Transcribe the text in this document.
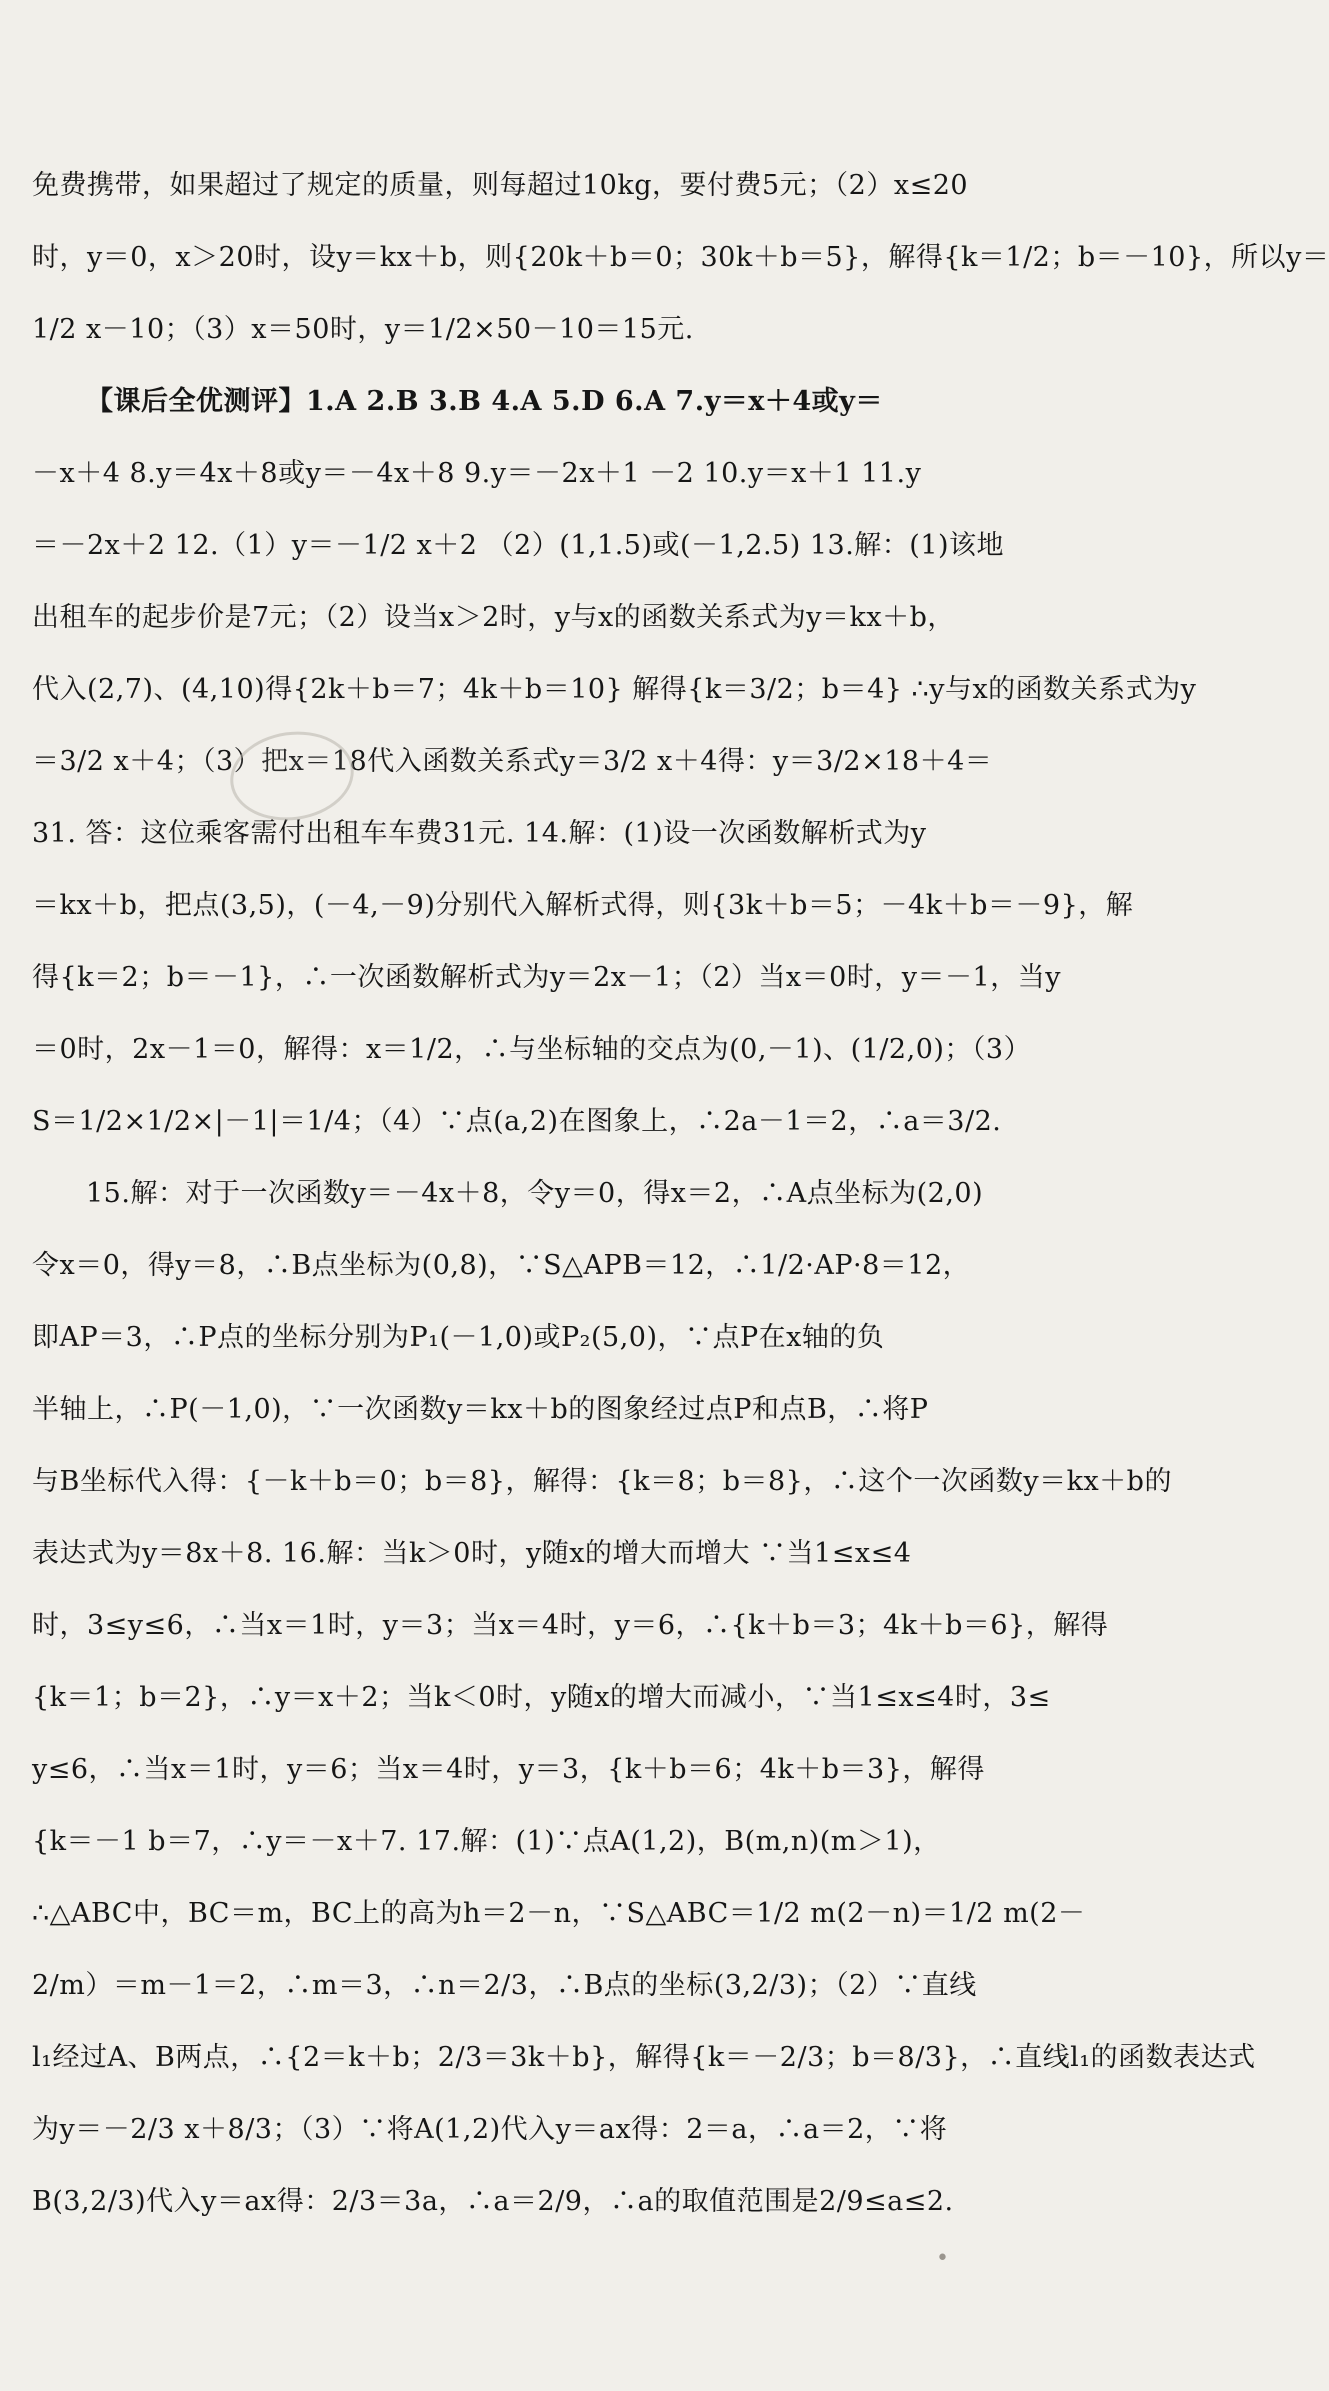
免费携带，如果超过了规定的质量，则每超过10kg，要付费5元；（2）x≤20
时，y＝0，x＞20时，设y＝kx＋b，则{20k＋b＝0；30k＋b＝5}，解得{k＝1/2；b＝－10}，所以y＝
1/2 x－10；（3）x＝50时，y＝1/2×50－10＝15元.
【课后全优测评】1.A 2.B 3.B 4.A 5.D 6.A 7.y＝x＋4或y＝
－x＋4 8.y＝4x＋8或y＝－4x＋8 9.y＝－2x＋1 －2 10.y＝x＋1 11.y
＝－2x＋2 12.（1）y＝－1/2 x＋2 （2）(1,1.5)或(－1,2.5) 13.解：(1)该地
出租车的起步价是7元；（2）设当x＞2时，y与x的函数关系式为y＝kx＋b，
代入(2,7)、(4,10)得{2k＋b＝7；4k＋b＝10} 解得{k＝3/2；b＝4} ∴y与x的函数关系式为y
＝3/2 x＋4；（3）把x＝18代入函数关系式y＝3/2 x＋4得：y＝3/2×18＋4＝
31. 答：这位乘客需付出租车车费31元. 14.解：(1)设一次函数解析式为y
＝kx＋b，把点(3,5)，(－4,－9)分别代入解析式得，则{3k＋b＝5；－4k＋b＝－9}，解
得{k＝2；b＝－1}，∴一次函数解析式为y＝2x－1；（2）当x＝0时，y＝－1，当y
＝0时，2x－1＝0，解得：x＝1/2，∴与坐标轴的交点为(0,－1)、(1/2,0)；（3）
S＝1/2×1/2×|－1|＝1/4；（4）∵点(a,2)在图象上，∴2a－1＝2，∴a＝3/2.
15.解：对于一次函数y＝－4x＋8，令y＝0，得x＝2，∴A点坐标为(2,0)
令x＝0，得y＝8，∴B点坐标为(0,8)，∵S△APB＝12，∴1/2·AP·8＝12，
即AP＝3，∴P点的坐标分别为P₁(－1,0)或P₂(5,0)，∵点P在x轴的负
半轴上，∴P(－1,0)，∵一次函数y＝kx＋b的图象经过点P和点B，∴将P
与B坐标代入得：{－k＋b＝0；b＝8}，解得：{k＝8；b＝8}，∴这个一次函数y＝kx＋b的
表达式为y＝8x＋8. 16.解：当k＞0时，y随x的增大而增大 ∵当1≤x≤4
时，3≤y≤6，∴当x＝1时，y＝3；当x＝4时，y＝6，∴{k＋b＝3；4k＋b＝6}，解得
{k＝1；b＝2}，∴y＝x＋2；当k＜0时，y随x的增大而减小，∵当1≤x≤4时，3≤
y≤6，∴当x＝1时，y＝6；当x＝4时，y＝3，{k＋b＝6；4k＋b＝3}，解得
{k＝－1 b＝7，∴y＝－x＋7. 17.解：(1)∵点A(1,2)，B(m,n)(m＞1)，
∴△ABC中，BC＝m，BC上的高为h＝2－n，∵S△ABC＝1/2 m(2－n)＝1/2 m(2－
2/m）＝m－1＝2，∴m＝3，∴n＝2/3，∴B点的坐标(3,2/3)；（2）∵直线
l₁经过A、B两点，∴{2＝k＋b；2/3＝3k＋b}，解得{k＝－2/3；b＝8/3}，∴直线l₁的函数表达式
为y＝－2/3 x＋8/3；（3）∵将A(1,2)代入y＝ax得：2＝a，∴a＝2，∵将
B(3,2/3)代入y＝ax得：2/3＝3a，∴a＝2/9，∴a的取值范围是2/9≤a≤2.
•
